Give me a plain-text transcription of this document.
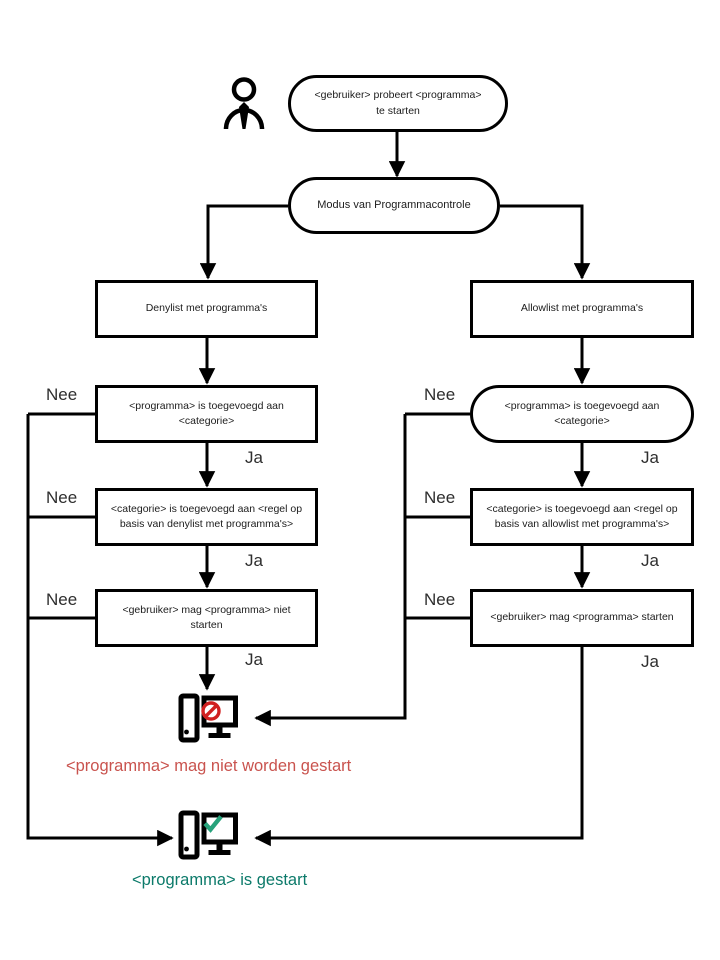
<gebruiker> probeert <programma> te starten
Modus van Programmacontrole
Denylist met programma's	Allowlist met programma's
<programma> is toegevoegd aan <categorie>
<categorie> is toegevoegd aan <regel op basis van denylist met programma's>
<gebruiker> mag <programma> niet starten
<programma> is toegevoegd aan <categorie>
<categorie> is toegevoegd aan <regel op basis van allowlist met programma's>
<gebruiker> mag <programma> starten
Nee
Nee
Nee
Nee
Nee
Nee
Ja
Ja
Ja
Ja
Ja
Ja
<programma> mag niet worden gestart
<programma> is gestart
